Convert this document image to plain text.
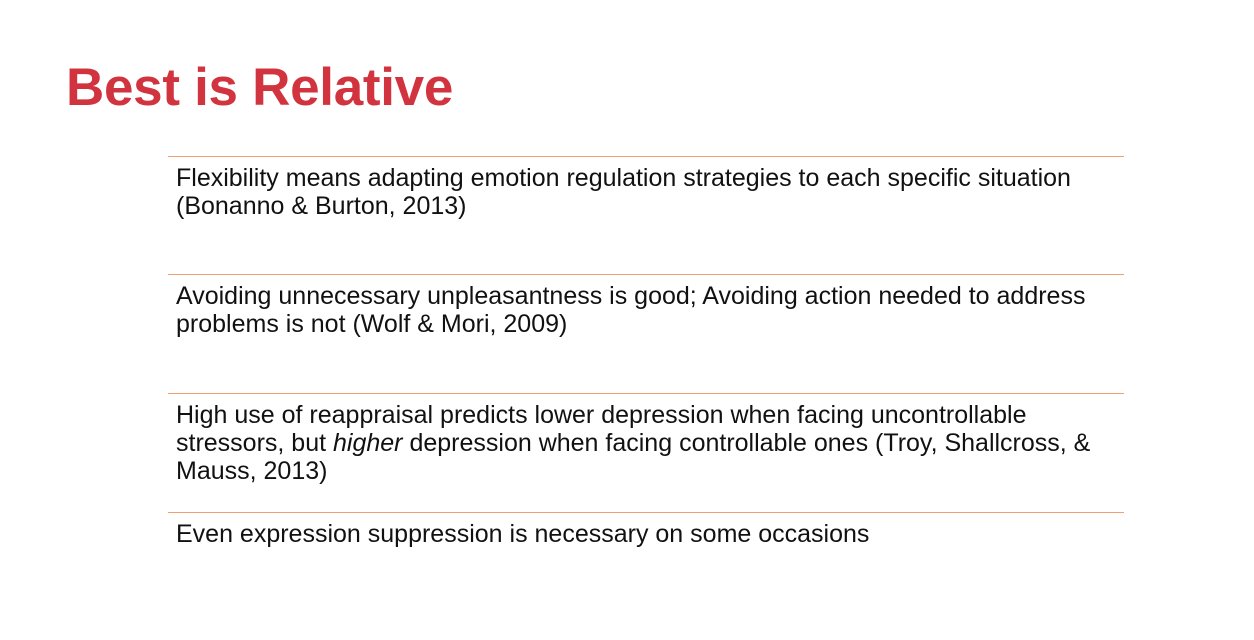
Best is Relative
Flexibility means adapting emotion regulation strategies to each specific situation (Bonanno & Burton, 2013)
Avoiding unnecessary unpleasantness is good; Avoiding action needed to address problems is not (Wolf & Mori, 2009)
High use of reappraisal predicts lower depression when facing uncontrollable stressors, but higher depression when facing controllable ones (Troy, Shallcross, & Mauss, 2013)
Even expression suppression is necessary on some occasions
